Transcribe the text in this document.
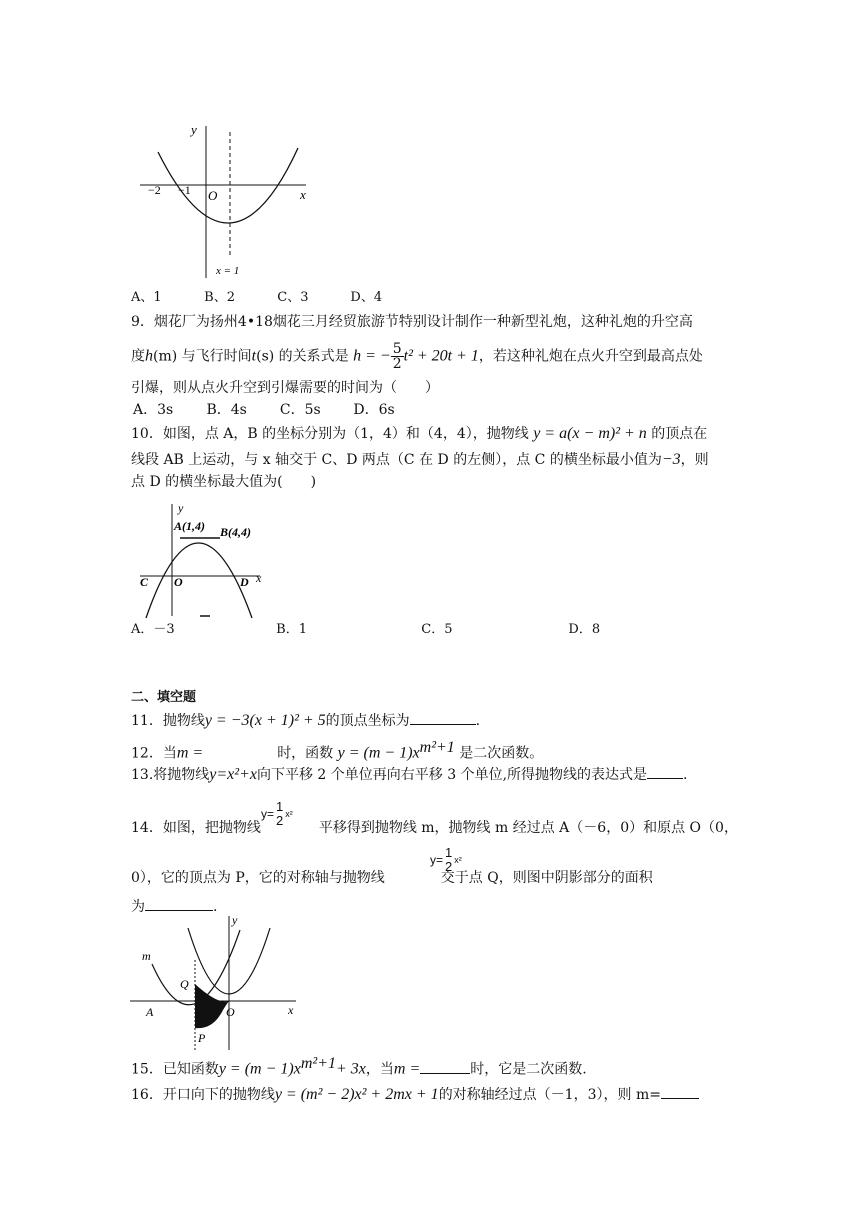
y
x
−2 −1 O
x = 1
A、1	B、2	C、3	D、4
9．烟花厂为扬州4•18烟花三月经贸旅游节特别设计制作一种新型礼炮，这种礼炮的升空高
度h(m) 与飞行时间t(s) 的关系式是 h = − $\frac{5}{2} t^2 + 20t + 1$，若这种礼炮在点火升空到最高点处
引爆，则从点火升空到引爆需要的时间为（　　）
A．3s B．4s C．5s D．6s
10．如图，点 A，B 的坐标分别为（1，4）和（4，4），抛物线 y = a(x − m)² + n 的顶点在
线段 AB 上运动，与 x 轴交于 C、D 两点（C 在 D 的左侧），点 C 的横坐标最小值为−3，则
点 D 的横坐标最大值为(　　)
y
x
A(1,4) B(4,4)
C O	D
A．－3	B．1	C．5	D．8
二、填空题
11．抛物线y = −3(x + 1)² + 5的顶点坐标为	.
12．当m =	时，函数 $y = (m - 1)x^{m^2+1}$ 是二次函数。
13.将抛物线y=x²+x向下平移 2 个单位再向右平移 3 个单位,所得抛物线的表达式是	.
y= 1
2 x²
14．如图，把抛物线	平移得到抛物线 m，抛物线 m 经过点 A（－6，0）和原点 O（0，
y= 1
2 x²
0），它的顶点为 P，它的对称轴与抛物线	交于点 Q，则图中阴影部分的面积
为	.
y
x
m
Q
A	O
P
15．已知函数$y = (m - 1)x^{m^2+1}+ 3x$，当m =	时，它是二次函数.
16．开口向下的抛物线y = (m² − 2)x² + 2mx + 1的对称轴经过点（－1，3），则 m=
